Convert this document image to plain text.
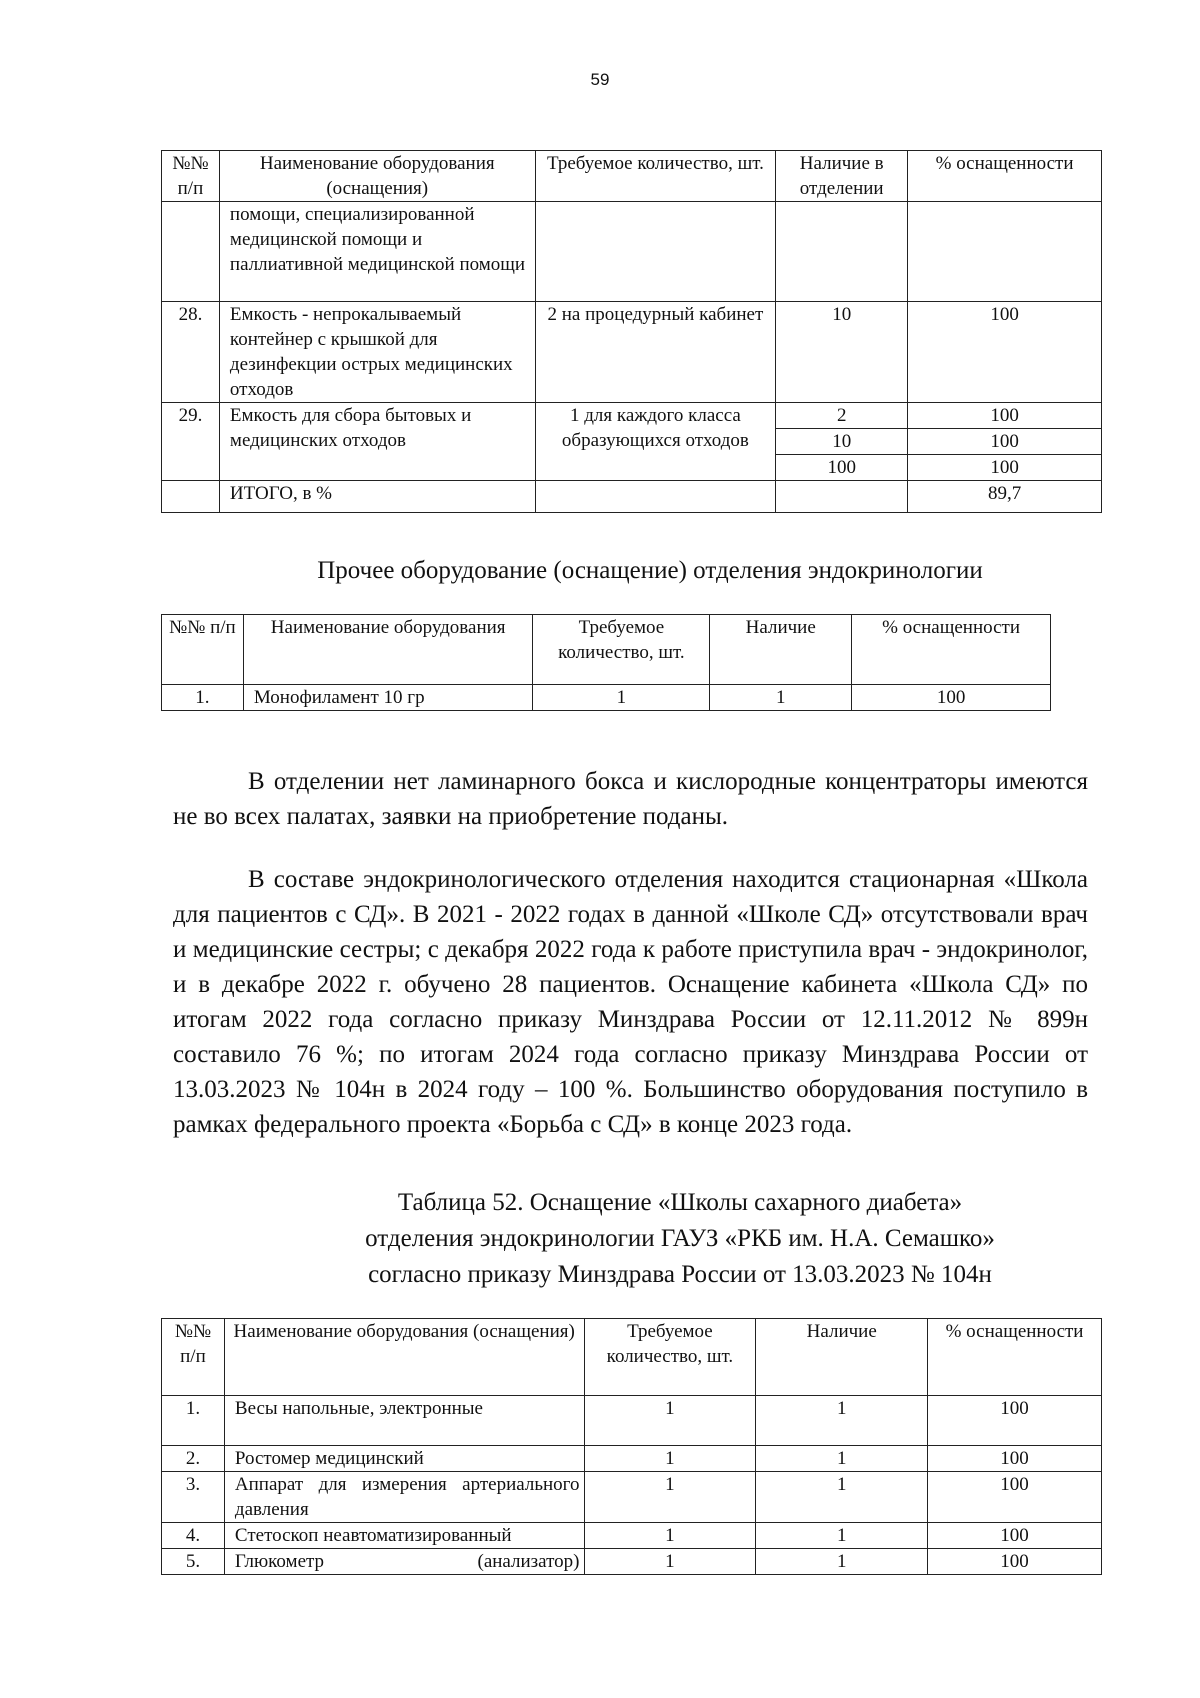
59
№№ п/п	Наименование оборудования (оснащения)	Требуемое количество, шт.	Наличие в отделении	% оснащенности
	помощи, специализированной медицинской помощи и паллиативной медицинской помощи			
28.	Емкость - непрокалываемый контейнер с крышкой для дезинфекции острых медицинских отходов	2 на процедурный кабинет	10	100
29.	Емкость для сбора бытовых и медицинских отходов	1 для каждого класса образующихся отходов	2	100
			10	100
			100	100
	ИТОГО, в %			89,7
Прочее оборудование (оснащение) отделения эндокринологии
№№ п/п	Наименование оборудования	Требуемое количество, шт.	Наличие	% оснащенности
1.	Монофиламент 10 гр	1	1	100
В отделении нет ламинарного бокса и кислородные концентраторы имеются не во всех палатах, заявки на приобретение поданы.
В составе эндокринологического отделения находится стационарная «Школа для пациентов с СД». В 2021 - 2022 годах в данной «Школе СД» отсутствовали врач и медицинские сестры; с декабря 2022 года к работе приступила врач - эндокринолог, и в декабре 2022 г. обучено 28 пациентов. Оснащение кабинета «Школа СД» по итогам 2022 года согласно приказу Минздрава России от 12.11.2012 № 899н составило 76 %; по итогам 2024 года согласно приказу Минздрава России от 13.03.2023 № 104н в 2024 году – 100 %. Большинство оборудования поступило в рамках федерального проекта «Борьба с СД» в конце 2023 года.
Таблица 52. Оснащение «Школы сахарного диабета»
отделения эндокринологии ГАУЗ «РКБ им. Н.А. Семашко»
согласно приказу Минздрава России от 13.03.2023 № 104н
№№ п/п	Наименование оборудования (оснащения)	Требуемое количество, шт.	Наличие	% оснащенности
1.	Весы напольные, электронные	1	1	100
2.	Ростомер медицинский	1	1	100
3.	Аппарат для измерения артериального давления	1	1	100
4.	Стетоскоп неавтоматизированный	1	1	100
5.	Глюкометр (анализатор)	1	1	100
